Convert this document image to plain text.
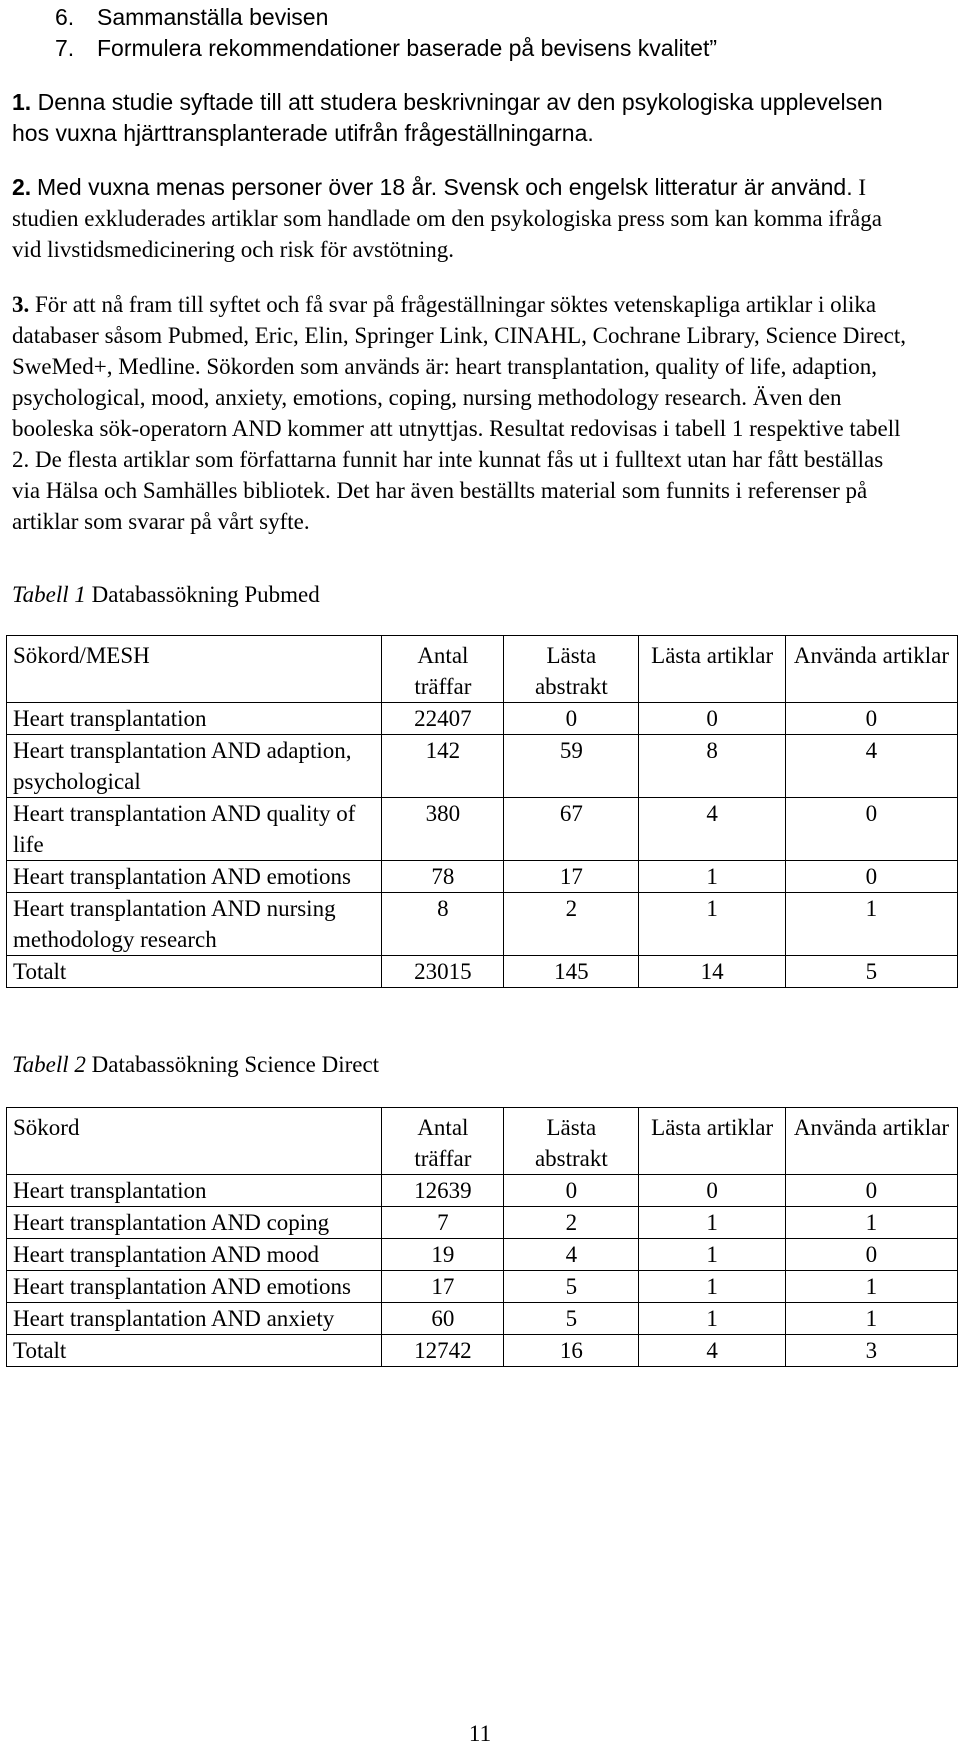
6. Sammanställa bevisen
7. Formulera rekommendationer baserade på bevisens kvalitet”

1. Denna studie syftade till att studera beskrivningar av den psykologiska upplevelsen hos vuxna hjärttransplanterade utifrån frågeställningarna.

2. Med vuxna menas personer över 18 år. Svensk och engelsk litteratur är använd. I studien exkluderades artiklar som handlade om den psykologiska press som kan komma ifråga vid livstidsmedicinering och risk för avstötning.

3. För att nå fram till syftet och få svar på frågeställningar söktes vetenskapliga artiklar i olika databaser såsom Pubmed, Eric, Elin, Springer Link, CINAHL, Cochrane Library, Science Direct, SweMed+, Medline. Sökorden som används är: heart transplantation, quality of life, adaption, psychological, mood, anxiety, emotions, coping, nursing methodology research. Även den booleska sök-operatorn AND kommer att utnyttjas. Resultat redovisas i tabell 1 respektive tabell 2. De flesta artiklar som författarna funnit har inte kunnat fås ut i fulltext utan har fått beställas via Hälsa och Samhälles bibliotek. Det har även beställts material som funnits i referenser på artiklar som svarar på vårt syfte.

Tabell 1 Databassökning Pubmed

Sökord/MESH	Antal träffar	Lästa abstrakt	Lästa artiklar	Använda artiklar
Heart transplantation	22407	0	0	0
Heart transplantation AND adaption, psychological	142	59	8	4
Heart transplantation AND quality of life	380	67	4	0
Heart transplantation AND emotions	78	17	1	0
Heart transplantation AND nursing methodology research	8	2	1	1
Totalt	23015	145	14	5

Tabell 2 Databassökning Science Direct

Sökord	Antal träffar	Lästa abstrakt	Lästa artiklar	Använda artiklar
Heart transplantation	12639	0	0	0
Heart transplantation AND coping	7	2	1	1
Heart transplantation AND mood	19	4	1	0
Heart transplantation AND emotions	17	5	1	1
Heart transplantation AND anxiety	60	5	1	1
Totalt	12742	16	4	3
11
